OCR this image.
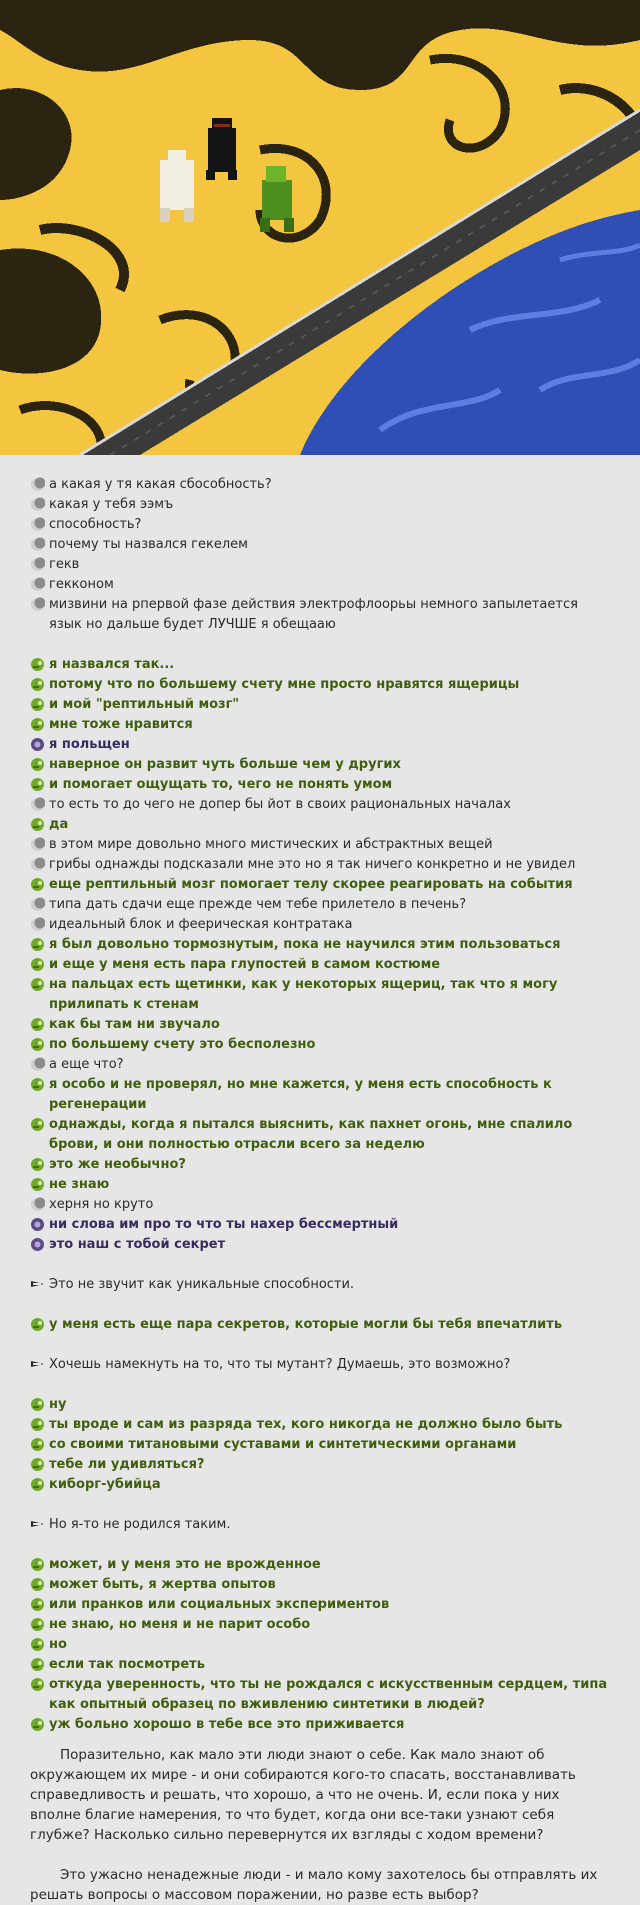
а какая у тя какая сбособность?
какая у тебя ээмъ
способность?
почему ты назвался гекелем
гекв
гекконом
мизвини на рпервой фазе действия электрофлоорьы немного запылетается язык но дальше будет ЛУЧШЕ я обещааю
я назвался так...
потому что по большему счету мне просто нравятся ящерицы
и мой "рептильный мозг"
мне тоже нравится
я польщен
наверное он развит чуть больше чем у других
и помогает ощущать то, чего не понять умом
то есть то до чего не допер бы йот в своих рациональных началах
да
в этом мире довольно много мистических и абстрактных вещей
грибы однажды подсказали мне это но я так ничего конкретно и не увидел
еще рептильный мозг помогает телу скорее реагировать на события
типа дать сдачи еще прежде чем тебе прилетело в печень?
идеальный блок и феерическая контратака
я был довольно тормознутым, пока не научился этим пользоваться
и еще у меня есть пара глупостей в самом костюме
на пальцах есть щетинки, как у некоторых ящериц, так что я могу прилипать к стенам
как бы там ни звучало
по большему счету это бесполезно
а еще что?
я особо и не проверял, но мне кажется, у меня есть способность к регенерации
однажды, когда я пытался выяснить, как пахнет огонь, мне спалило брови, и они полностью отрасли всего за неделю
это же необычно?
не знаю
херня но круто
ни слова им про то что ты нахер бессмертный
это наш с тобой секрет
Это не звучит как уникальные способности.
у меня есть еще пара секретов, которые могли бы тебя впечатлить
Хочешь намекнуть на то, что ты мутант? Думаешь, это возможно?
ну
ты вроде и сам из разряда тех, кого никогда не должно было быть
со своими титановыми суставами и синтетическими органами
тебе ли удивляться?
киборг-убийца
Но я-то не родился таким.
может, и у меня это не врожденное
может быть, я жертва опытов
или пранков или социальных экспериментов
не знаю, но меня и не парит особо
но
если так посмотреть
откуда уверенность, что ты не рождался с искусственным сердцем, типа как опытный образец по вживлению синтетики в людей?
уж больно хорошо в тебе все это приживается

Поразительно, как мало эти люди знают о себе. Как мало знают об окружающем их мире - и они собираются кого-то спасать, восстанавливать справедливость и решать, что хорошо, а что не очень. И, если пока у них вполне благие намерения, то что будет, когда они все-таки узнают себя глубже? Насколько сильно перевернутся их взгляды с ходом времени?

Это ужасно ненадежные люди - и мало кому захотелось бы отправлять их решать вопросы о массовом поражении, но разве есть выбор?
